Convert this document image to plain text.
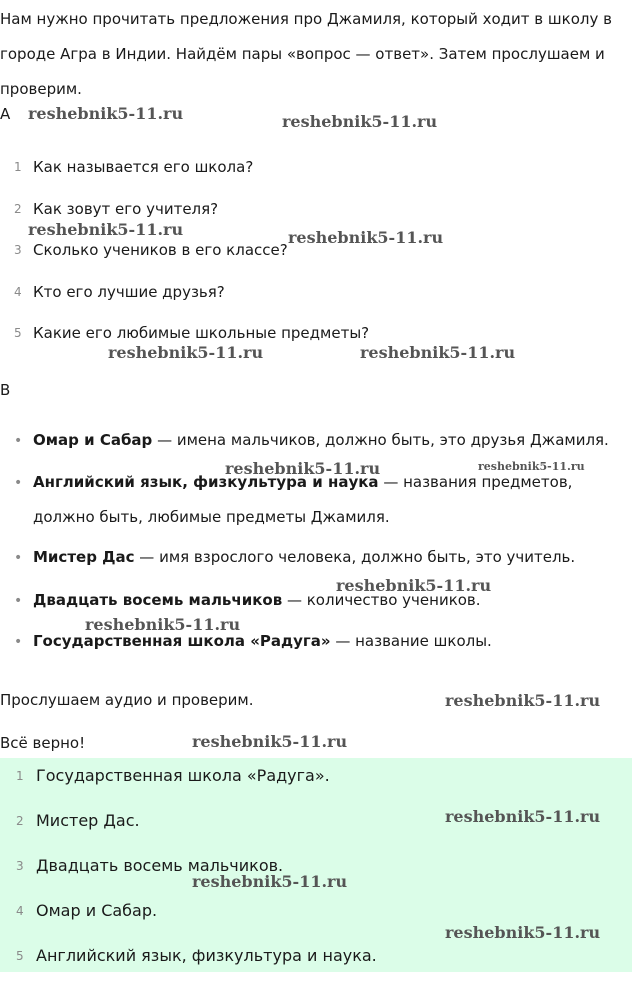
Нам нужно прочитать предложения про Джамиля, который ходит в школу в городе Агра в Индии. Найдём пары «вопрос — ответ». Затем прослушаем и проверим.
A
1 Как называется его школа?
2 Как зовут его учителя?
3 Сколько учеников в его классе?
4 Кто его лучшие друзья?
5 Какие его любимые школьные предметы?
B
• Омар и Сабар — имена мальчиков, должно быть, это друзья Джамиля.
• Английский язык, физкультура и наука — названия предметов, должно быть, любимые предметы Джамиля.
• Мистер Дас — имя взрослого человека, должно быть, это учитель.
• Двадцать восемь мальчиков — количество учеников.
• Государственная школа «Радуга» — название школы.
Прослушаем аудио и проверим.
Всё верно!
1 Государственная школа «Радуга».
2 Мистер Дас.
3 Двадцать восемь мальчиков.
4 Омар и Сабар.
5 Английский язык, физкультура и наука.
reshebnik5-11.ru	reshebnik5-11.ru
reshebnik5-11.ru	reshebnik5-11.ru
reshebnik5-11.ru	reshebnik5-11.ru
reshebnik5-11.ru	reshebnik5-11.ru
reshebnik5-11.ru
reshebnik5-11.ru
reshebnik5-11.ru
reshebnik5-11.ru
reshebnik5-11.ru
reshebnik5-11.ru
reshebnik5-11.ru
